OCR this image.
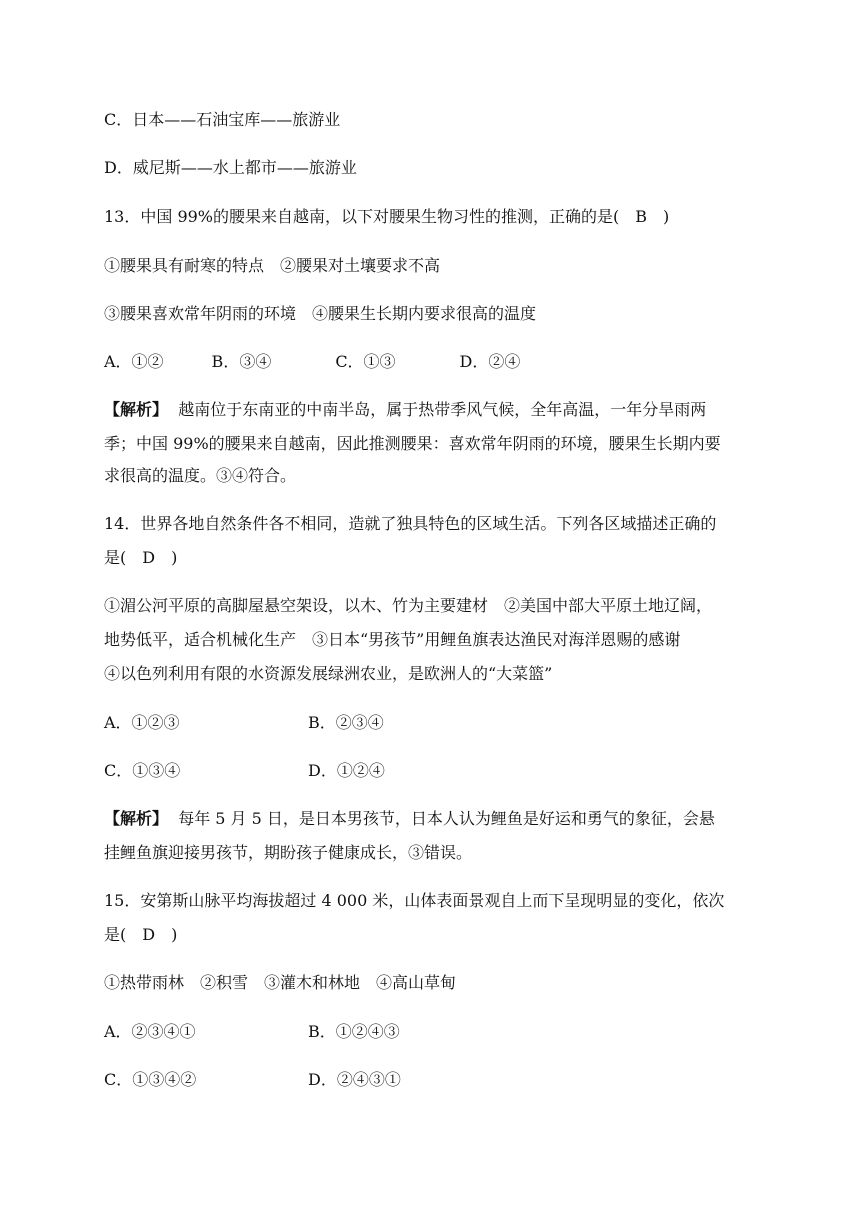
C．日本——石油宝库——旅游业
D．威尼斯——水上都市——旅游业
13．中国 99%的腰果来自越南，以下对腰果生物习性的推测，正确的是(　B　)
①腰果具有耐寒的特点　②腰果对土壤要求不高
③腰果喜欢常年阴雨的环境　④腰果生长期内要求很高的温度
A．①②　　　B．③④　　　　C．①③　　　　D．②④
【解析】  越南位于东南亚的中南半岛，属于热带季风气候，全年高温，一年分旱雨两
季；中国 99%的腰果来自越南，因此推测腰果：喜欢常年阴雨的环境，腰果生长期内要
求很高的温度。③④符合。
14．世界各地自然条件各不相同，造就了独具特色的区域生活。下列各区域描述正确的
是(　D　)
①湄公河平原的高脚屋悬空架设，以木、竹为主要建材　②美国中部大平原土地辽阔，
地势低平，适合机械化生产　③日本“男孩节”用鲤鱼旗表达渔民对海洋恩赐的感谢
④以色列利用有限的水资源发展绿洲农业，是欧洲人的“大菜篮”
A．①②③	B．②③④
C．①③④	D．①②④
【解析】  每年 5 月 5 日，是日本男孩节，日本人认为鲤鱼是好运和勇气的象征，会悬
挂鲤鱼旗迎接男孩节，期盼孩子健康成长，③错误。
15．安第斯山脉平均海拔超过 4 000 米，山体表面景观自上而下呈现明显的变化，依次
是(　D　)
①热带雨林　②积雪　③灌木和林地　④高山草甸
A．②③④①	B．①②④③
C．①③④②	D．②④③①
